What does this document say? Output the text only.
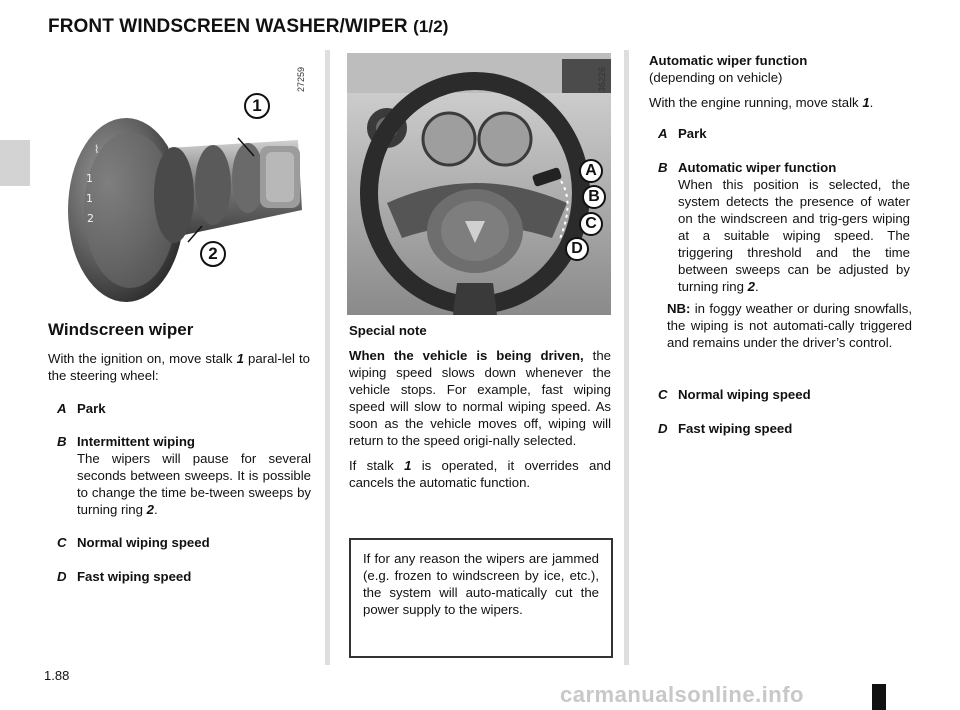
FRONT WINDSCREEN WASHER/WIPER (1/2)
⌇
1
1
2
1
2
27259
A
B
C
D
36226
Windscreen wiper
With the ignition on, move stalk 1 paral-lel to the steering wheel:
A Park
B Intermittent wiping
The wipers will pause for several seconds between sweeps. It is possible to change the time be-tween sweeps by turning ring 2.
C Normal wiping speed
D Fast wiping speed

Special note

When the vehicle is being driven, the wiping speed slows down whenever the vehicle stops. For example, fast wiping speed will slow to normal wiping speed. As soon as the vehicle moves off, wiping will return to the speed origi-nally selected.

If stalk 1 is operated, it overrides and cancels the automatic function.

If for any reason the wipers are jammed (e.g. frozen to windscreen by ice, etc.), the system will auto-matically cut the power supply to the wipers.
Automatic wiper function
(depending on vehicle)
With the engine running, move stalk 1.
A Park
B Automatic wiper function
When this position is selected, the system detects the presence of water on the windscreen and trig-gers wiping at a suitable wiping speed. The triggering threshold and the time between sweeps can be adjusted by turning ring 2.
NB: in foggy weather or during snowfalls, the wiping is not automati-cally triggered and remains under the driver’s control.
C Normal wiping speed
D Fast wiping speed
1.88
carmanualsonline.info
